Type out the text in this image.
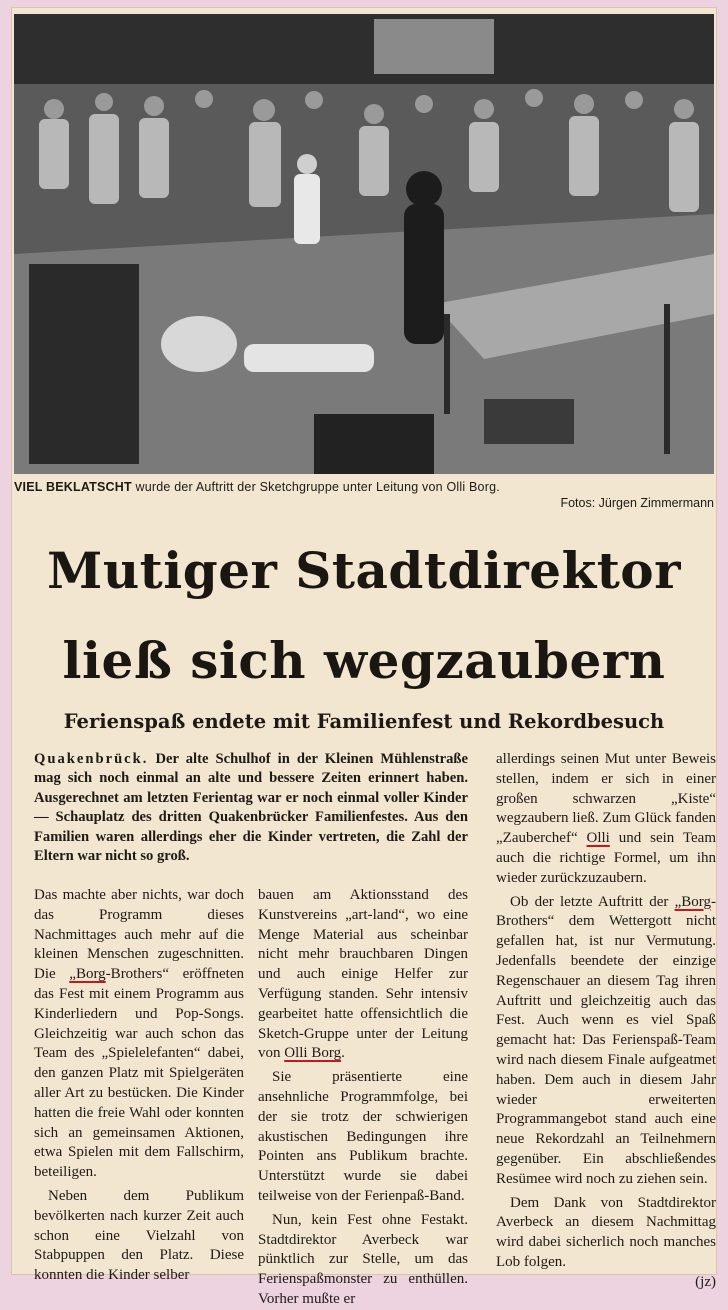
VIEL BEKLATSCHT wurde der Auftritt der Sketchgruppe unter Leitung von Olli Borg.
Fotos: Jürgen Zimmermann
Mutiger Stadtdirektor
ließ sich wegzaubern
Ferienspaß endete mit Familienfest und Rekordbesuch
Quakenbrück. Der alte Schulhof in der Kleinen Mühlenstraße mag sich noch einmal an alte und bessere Zeiten erinnert haben. Ausgerechnet am letzten Ferientag war er noch einmal voller Kinder — Schauplatz des dritten Quakenbrücker Familienfestes. Aus den Familien waren allerdings eher die Kinder vertreten, die Zahl der Eltern war nicht so groß.

Das machte aber nichts, war doch das Programm dieses Nachmittages auch mehr auf die kleinen Menschen zugeschnitten. Die „Borg-Brothers“ eröffneten das Fest mit einem Programm aus Kinderliedern und Pop-Songs. Gleichzeitig war auch schon das Team des „Spielelefanten“ dabei, den ganzen Platz mit Spielgeräten aller Art zu bestücken. Die Kinder hatten die freie Wahl oder konnten sich an gemeinsamen Aktionen, etwa Spielen mit dem Fallschirm, beteiligen.

Neben dem Publikum bevölkerten nach kurzer Zeit auch schon eine Vielzahl von Stabpuppen den Platz. Diese konnten die Kinder selber

bauen am Aktionsstand des Kunstvereins „art-land“, wo eine Menge Material aus scheinbar nicht mehr brauchbaren Dingen und auch einige Helfer zur Verfügung standen. Sehr intensiv gearbeitet hatte offensichtlich die Sketch-Gruppe unter der Leitung von Olli Borg.

Sie präsentierte eine ansehnliche Programmfolge, bei der sie trotz der schwierigen akustischen Bedingungen ihre Pointen ans Publikum brachte. Unterstützt wurde sie dabei teilweise von der Ferienpaß-Band.

Nun, kein Fest ohne Festakt. Stadtdirektor Averbeck war pünktlich zur Stelle, um das Ferienspaßmonster zu enthüllen. Vorher mußte er

allerdings seinen Mut unter Beweis stellen, indem er sich in einer großen schwarzen „Kiste“ wegzaubern ließ. Zum Glück fanden „Zauberchef“ Olli und sein Team auch die richtige Formel, um ihn wieder zurückzuzaubern.

Ob der letzte Auftritt der „Borg-Brothers“ dem Wettergott nicht gefallen hat, ist nur Vermutung. Jedenfalls beendete der einzige Regenschauer an diesem Tag ihren Auftritt und gleichzeitig auch das Fest. Auch wenn es viel Spaß gemacht hat: Das Ferienspaß-Team wird nach diesem Finale aufgeatmet haben. Dem auch in diesem Jahr wieder erweiterten Programmangebot stand auch eine neue Rekordzahl an Teilnehmern gegenüber. Ein abschließendes Resümee wird noch zu ziehen sein.

Dem Dank von Stadtdirektor Averbeck an diesem Nachmittag wird dabei sicherlich noch manches Lob folgen.

(jz)
